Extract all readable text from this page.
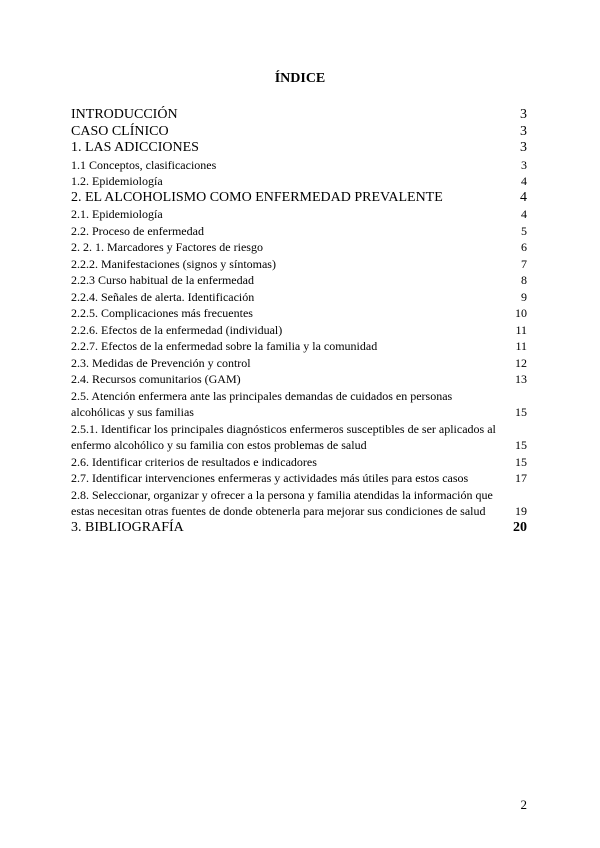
ÍNDICE
INTRODUCCIÓN	3
CASO CLÍNICO	3
1. LAS ADICCIONES	3
1.1 Conceptos, clasificaciones	3
1.2. Epidemiología	4
2. EL ALCOHOLISMO COMO ENFERMEDAD PREVALENTE	4
2.1. Epidemiología	4
2.2. Proceso de enfermedad	5
2. 2. 1. Marcadores y Factores de riesgo	6
2.2.2. Manifestaciones (signos y síntomas)	7
2.2.3 Curso habitual de la enfermedad	8
2.2.4. Señales de alerta. Identificación	9
2.2.5. Complicaciones más frecuentes	10
2.2.6. Efectos de la enfermedad (individual)	11
2.2.7. Efectos de la enfermedad sobre la familia y la comunidad	11
2.3. Medidas de Prevención y control	12
2.4. Recursos comunitarios (GAM)	13
2.5. Atención enfermera ante las principales demandas de cuidados en personas alcohólicas y sus familias	15
2.5.1. Identificar los principales diagnósticos enfermeros susceptibles de ser aplicados al enfermo alcohólico y su familia con estos problemas de salud	15
2.6. Identificar criterios de resultados e indicadores	15
2.7. Identificar intervenciones enfermeras y actividades más útiles para estos casos	17
2.8. Seleccionar, organizar y ofrecer a la persona y familia atendidas la información que estas necesitan otras fuentes de donde obtenerla para mejorar sus condiciones de salud	19
3. BIBLIOGRAFÍA	20
2
